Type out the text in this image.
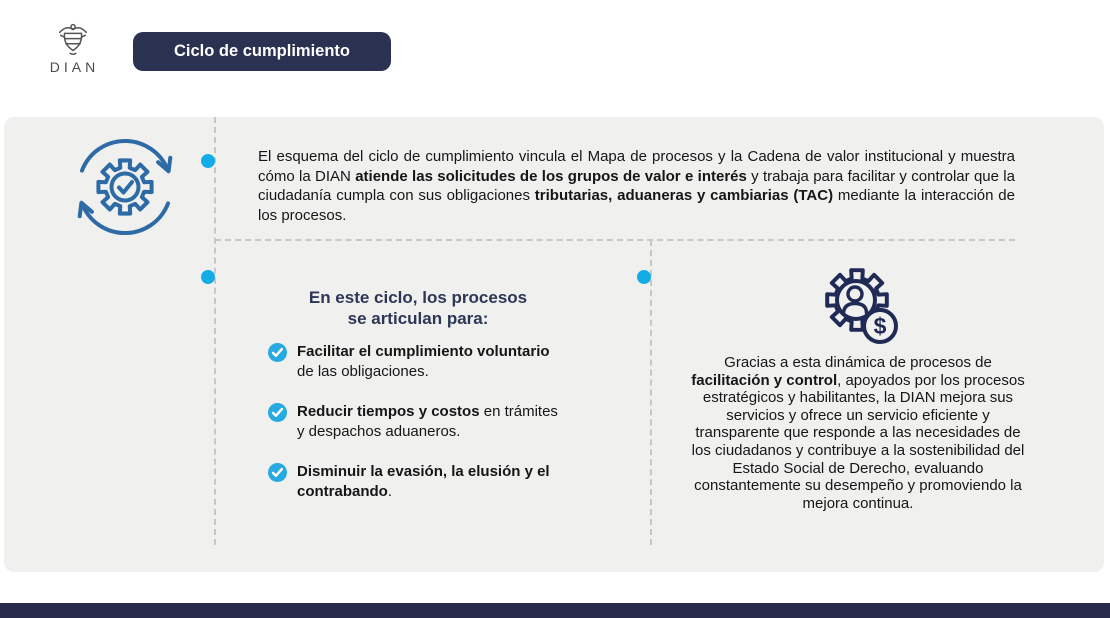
DIAN
Ciclo de cumplimiento

El esquema del ciclo de cumplimiento vincula el Mapa de procesos y la Cadena de valor institucional y muestra cómo la DIAN atiende las solicitudes de los grupos de valor e interés y trabaja para facilitar y controlar que la ciudadanía cumpla con sus obligaciones tributarias, aduaneras y cambiarias (TAC) mediante la interacción de los procesos.

En este ciclo, los procesos
se articulan para:

Facilitar el cumplimiento voluntario de las obligaciones.

Reducir tiempos y costos en trámites y despachos aduaneros.

Disminuir la evasión, la elusión y el contrabando.

$

Gracias a esta dinámica de procesos de facilitación y control, apoyados por los procesos estratégicos y habilitantes, la DIAN mejora sus servicios y ofrece un servicio eficiente y transparente que responde a las necesidades de los ciudadanos y contribuye a la sostenibilidad del Estado Social de Derecho, evaluando constantemente su desempeño y promoviendo la mejora continua.
